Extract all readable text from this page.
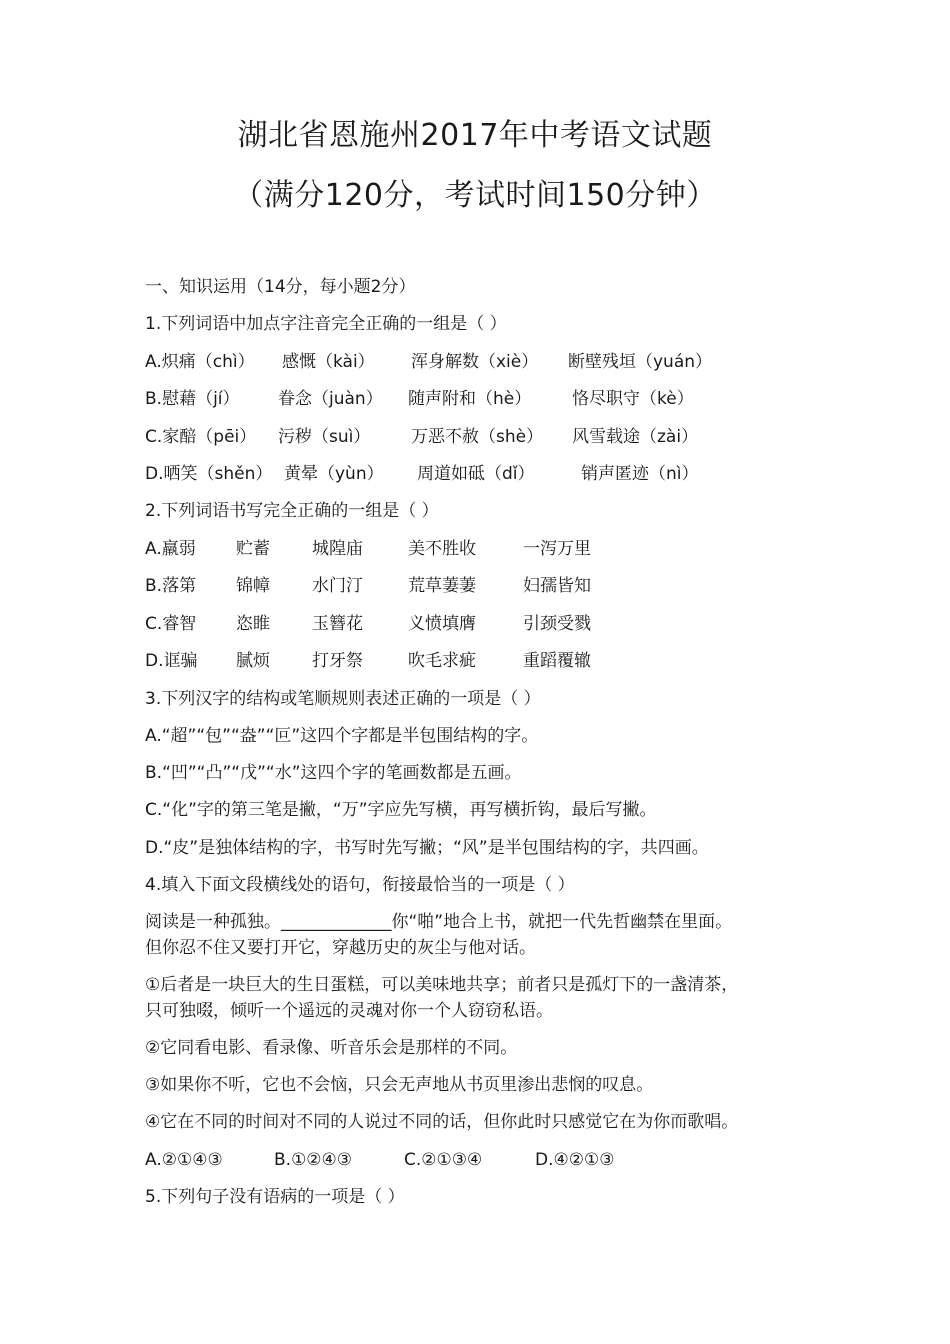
湖北省恩施州2017年中考语文试题
（满分120分，考试时间150分钟）
一、知识运用（14分，每小题2分）
1.下列词语中加点字注音完全正确的一组是（ ）
A.炽痛（chì） 感慨（kài） 浑身解数（xiè） 断壁残垣（yuán）
B.慰藉（jí） 眷念（juàn） 随声附和（hè） 恪尽职守（kè）
C.家醅（pēi） 污秽（suì） 万恶不赦（shè） 风雪载途（zài）
D.哂笑（shěn） 黄晕（yùn） 周道如砥（dǐ）	销声匿迹（nì）
2.下列词语书写完全正确的一组是（ ）
A.羸弱 贮蓄 城隍庙	美不胜收	一泻万里
B.落第 锦幛 水门汀	荒草萋萋	妇孺皆知
C.睿智 恣睢 玉簪花	义愤填膺	引颈受戮
D.诓骗 腻烦 打牙祭	吹毛求疵	重蹈覆辙
3.下列汉字的结构或笔顺规则表述正确的一项是（ ）
A.“超”“包”“盎”“叵”这四个字都是半包围结构的字。
B.“凹”“凸”“戊”“水”这四个字的笔画数都是五画。
C.“化”字的第三笔是撇，“万”字应先写横，再写横折钩，最后写撇。
D.“皮”是独体结构的字，书写时先写撇；“风”是半包围结构的字，共四画。
4.填入下面文段横线处的语句，衔接最恰当的一项是（ ）
阅读是一种孤独。_____________你“啪”地合上书，就把一代先哲幽禁在里面。
但你忍不住又要打开它，穿越历史的灰尘与他对话。
①后者是一块巨大的生日蛋糕，可以美味地共享；前者只是孤灯下的一盏清茶，
只可独啜，倾听一个遥远的灵魂对你一个人窃窃私语。
②它同看电影、看录像、听音乐会是那样的不同。
③如果你不听，它也不会恼，只会无声地从书页里渗出悲悯的叹息。
④它在不同的时间对不同的人说过不同的话，但你此时只感觉它在为你而歌唱。
A.②①④③	B.①②④③	C.②①③④	D.④②①③
5.下列句子没有语病的一项是（ ）
